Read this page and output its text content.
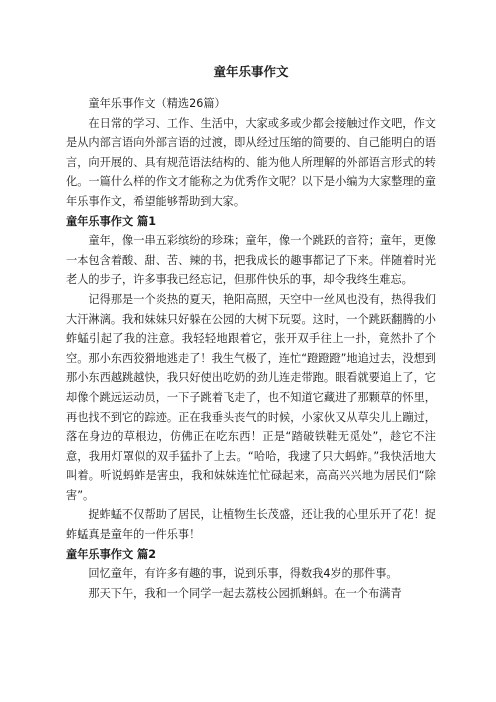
童年乐事作文

童年乐事作文（精选26篇）

在日常的学习、工作、生活中，大家或多或少都会接触过作文吧，作文是从内部言语向外部言语的过渡，即从经过压缩的简要的、自己能明白的语言，向开展的、具有规范语法结构的、能为他人所理解的外部语言形式的转化。一篇什么样的作文才能称之为优秀作文呢？以下是小编为大家整理的童年乐事作文，希望能够帮助到大家。

童年乐事作文 篇1

童年，像一串五彩缤纷的珍珠；童年，像一个跳跃的音符；童年，更像一本包含着酸、甜、苦、辣的书，把我成长的趣事都记了下来。伴随着时光老人的步子，许多事我已经忘记，但那件快乐的事，却令我终生难忘。

记得那是一个炎热的夏天，艳阳高照，天空中一丝风也没有，热得我们大汗淋漓。我和妹妹只好躲在公园的大树下玩耍。这时，一个跳跃翻腾的小蚱蜢引起了我的注意。我轻轻地跟着它，张开双手往上一扑，竟然扑了个空。那小东西狡猾地逃走了！我生气极了，连忙“蹬蹬蹬”地追过去，没想到那小东西越跳越快，我只好使出吃奶的劲儿连走带跑。眼看就要追上了，它却像个跳远运动员，一下子跳着飞走了，也不知道它藏进了那颗草的怀里，再也找不到它的踪迹。正在我垂头丧气的时候，小家伙又从草尖儿上蹦过，落在身边的草根边，仿佛正在吃东西！正是“踏破铁鞋无觅处”，趁它不注意，我用灯罩似的双手猛扑了上去。“哈哈，我逮了只大蚂蚱。”我快活地大叫着。听说蚂蚱是害虫，我和妹妹连忙忙碌起来，高高兴兴地为居民们“除害”。

捉蚱蜢不仅帮助了居民，让植物生长茂盛，还让我的心里乐开了花！捉蚱蜢真是童年的一件乐事！

童年乐事作文 篇2

回忆童年，有许多有趣的事，说到乐事，得数我4岁的那件事。

那天下午，我和一个同学一起去荔枝公园抓蝌蚪。在一个布满青
